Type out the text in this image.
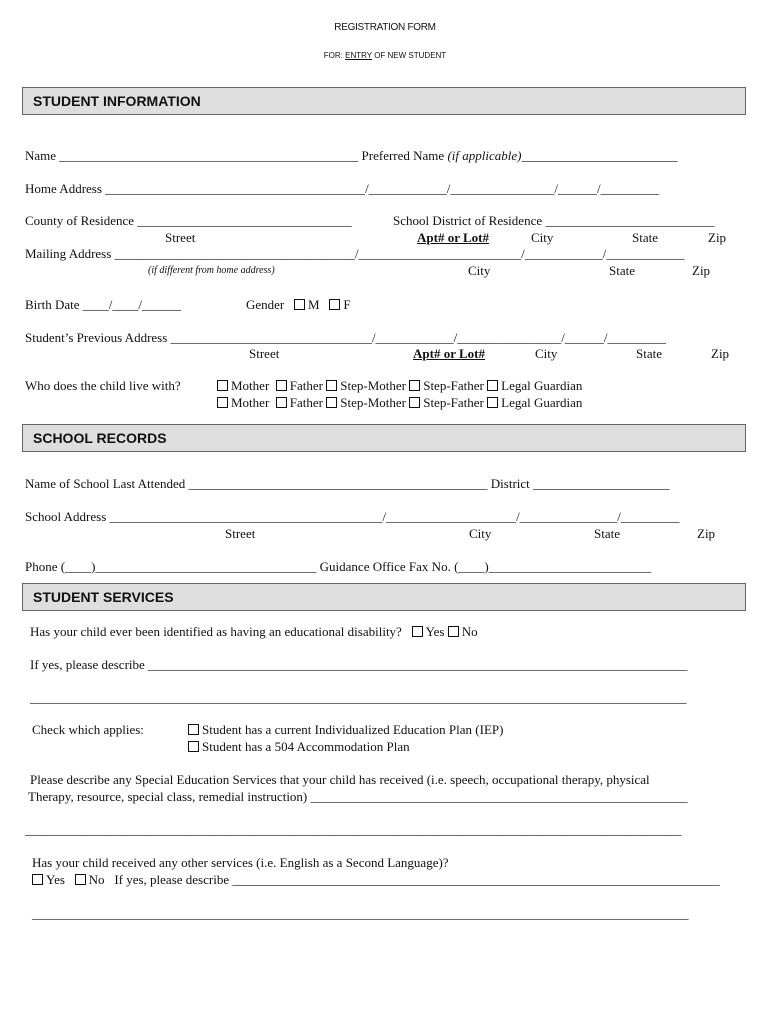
REGISTRATION FORM
FOR: ENTRY OF NEW STUDENT
STUDENT INFORMATION
Name ______________________________________________ Preferred Name (if applicable)________________________
Home Address ________________________________________/____________/________________/______/_________
County of Residence _________________________________	School District of Residence __________________________
Street	Apt# or Lot#	City	State	Zip
Mailing Address _____________________________________/_________________________/____________/____________
(if different from home address)	City	State	Zip
Birth Date ____/____/______	Gender M F
Student’s Previous Address _______________________________/____________/________________/______/_________
Street	Apt# or Lot#	City	State	Zip
Who does the child live with?	Mother Father Step-Mother Step-Father Legal Guardian
Mother Father Step-Mother Step-Father Legal Guardian
SCHOOL RECORDS
Name of School Last Attended ______________________________________________ District _____________________
School Address __________________________________________/____________________/_______________/_________
Street	City	State	Zip
Phone (____)__________________________________ Guidance Office Fax No. (____)_________________________
STUDENT SERVICES
Has your child ever been identified as having an educational disability? Yes No
If yes, please describe ___________________________________________________________________________________
_____________________________________________________________________________________________________
Check which applies:	Student has a current Individualized Education Plan (IEP)
Student has a 504 Accommodation Plan
Please describe any Special Education Services that your child has received (i.e. speech, occupational therapy, physical
Therapy, resource, special class, remedial instruction) __________________________________________________________
_____________________________________________________________________________________________________
Has your child received any other services (i.e. English as a Second Language)?
Yes No If yes, please describe ___________________________________________________________________________
_____________________________________________________________________________________________________
